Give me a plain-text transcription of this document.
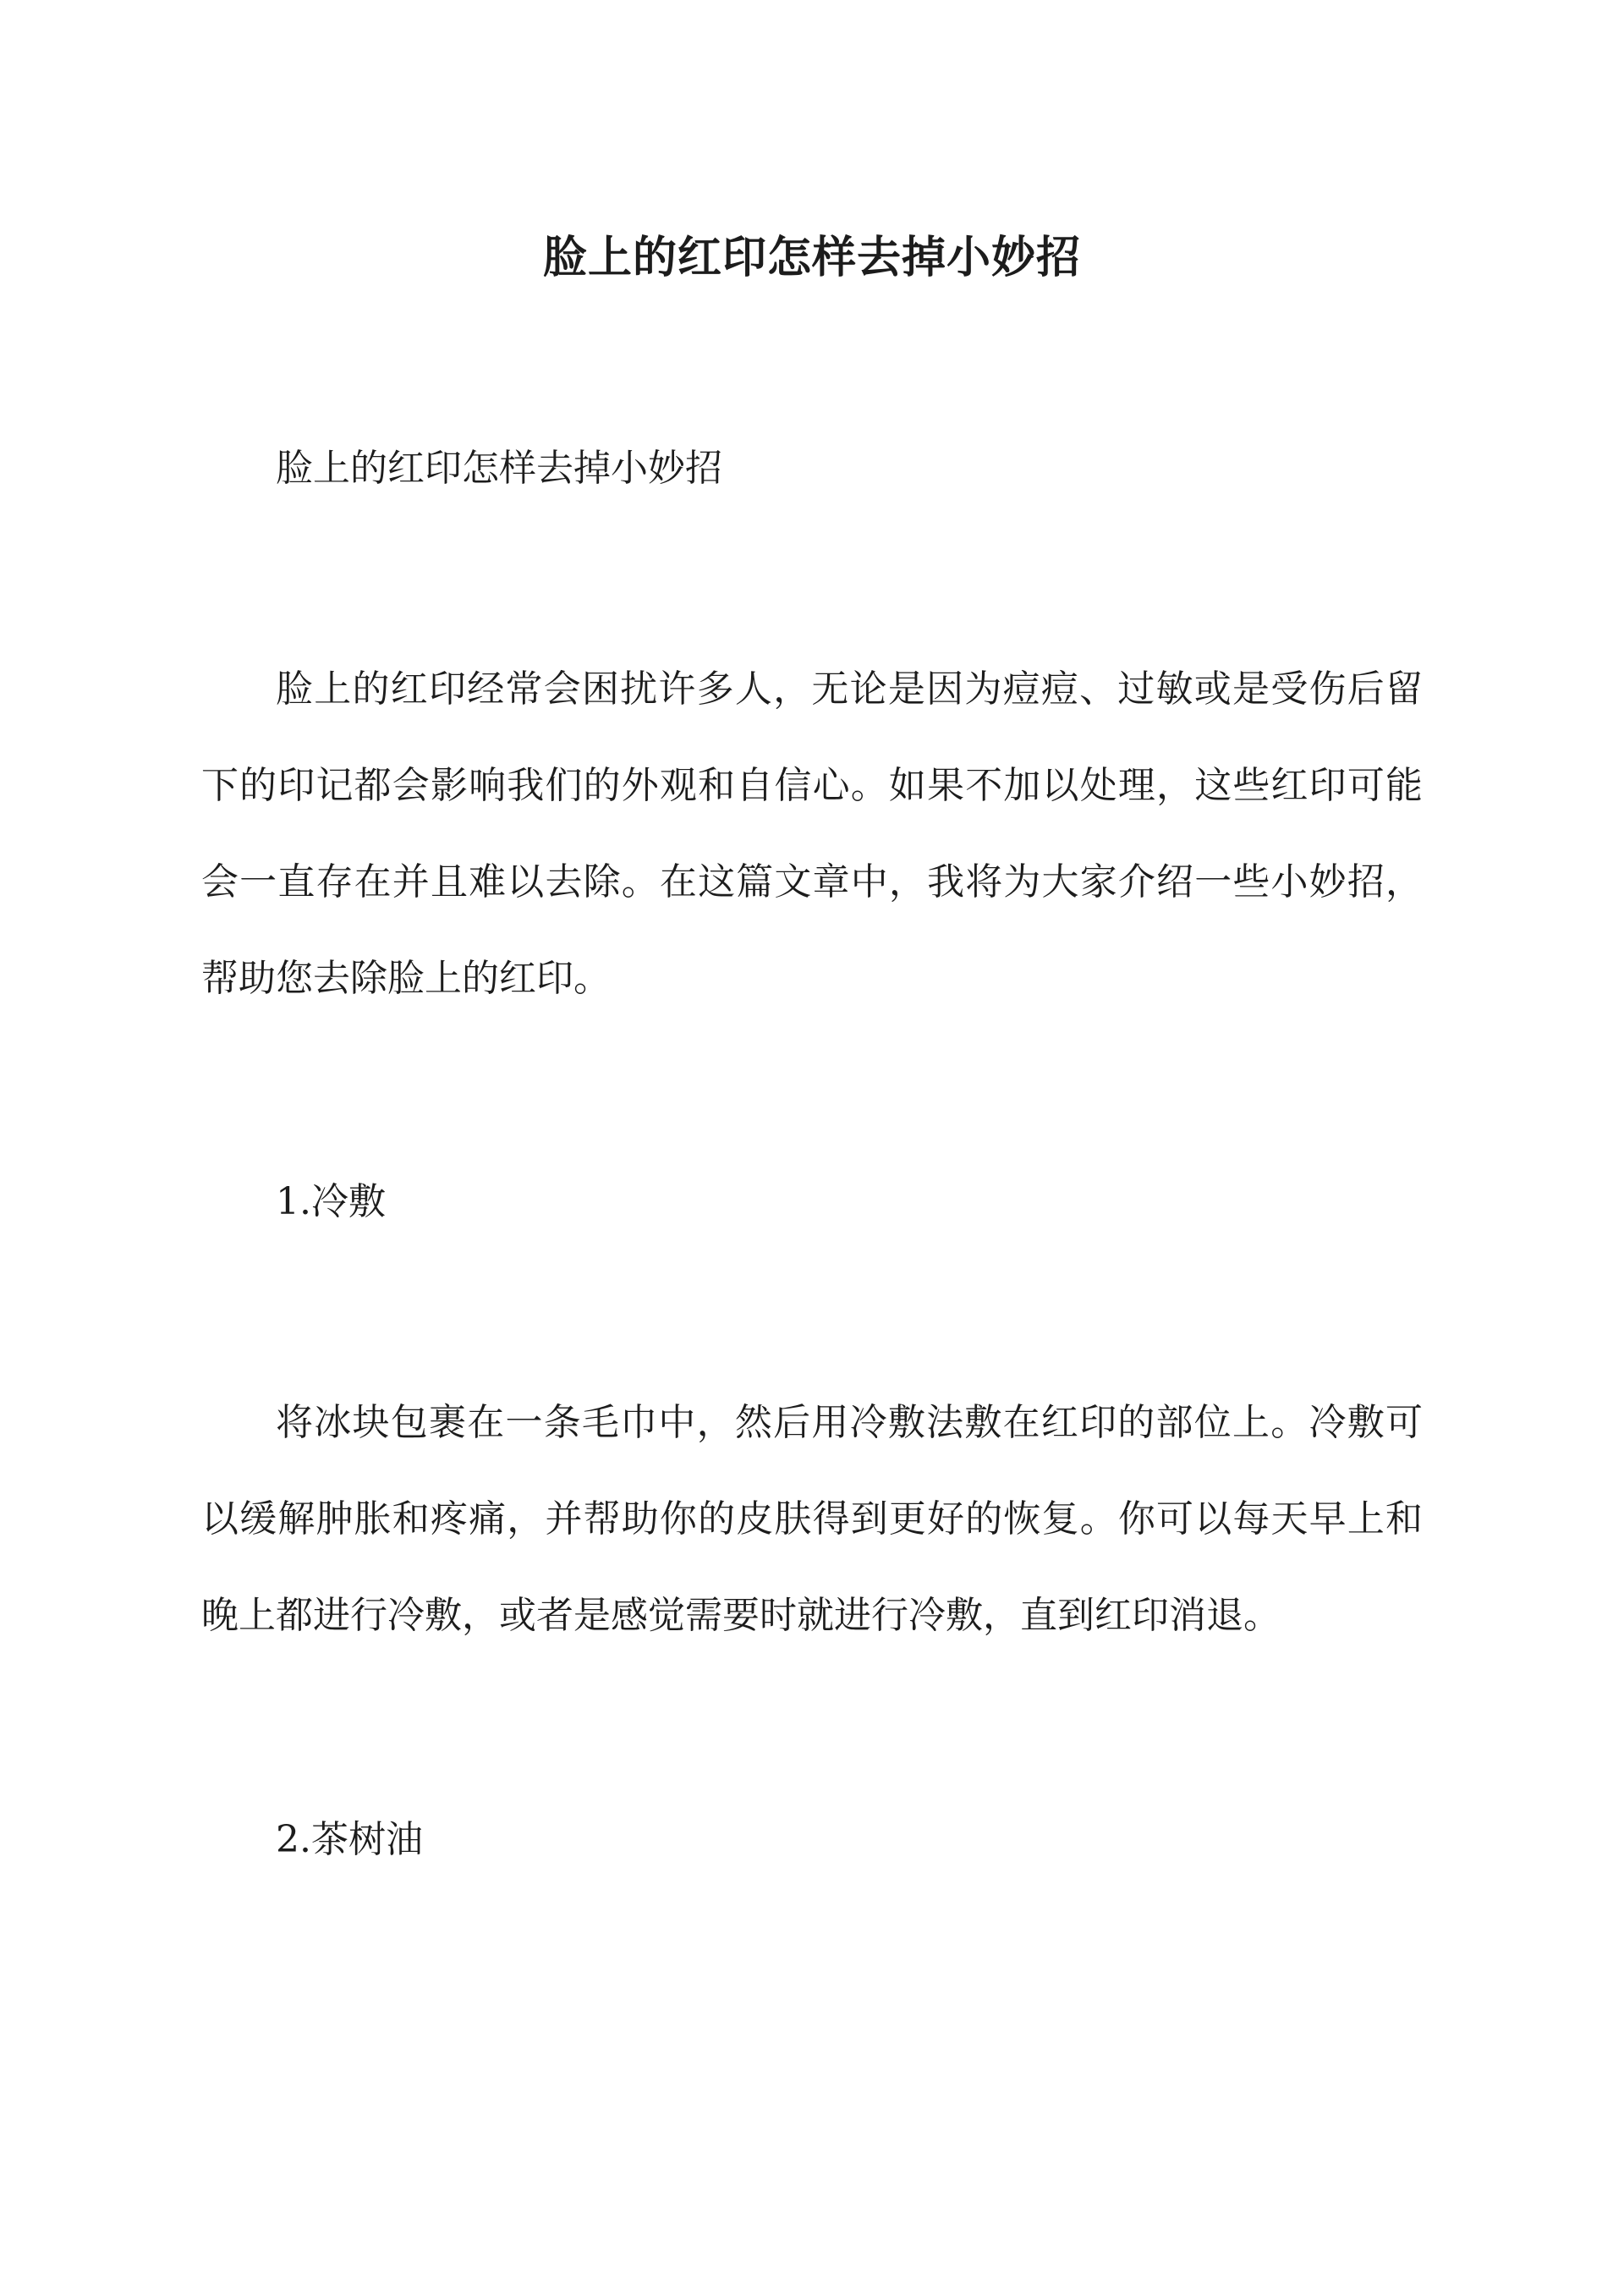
脸上的红印怎样去掉小妙招

脸上的红印怎样去掉小妙招

脸上的红印经常会困扰许多人，无论是因为痘痘、过敏或是受伤后留下的印记都会影响我们的外观和自信心。如果不加以处理，这些红印可能会一直存在并且难以去除。在这篇文章中，我将为大家介绍一些小妙招，帮助您去除脸上的红印。

1.冷敷

将冰块包裹在一条毛巾中，然后用冷敷法敷在红印的部位上。冷敷可以缓解肿胀和疼痛，并帮助你的皮肤得到更好的恢复。你可以每天早上和晚上都进行冷敷，或者是感觉需要时就进行冷敷，直到红印消退。

2.茶树油
